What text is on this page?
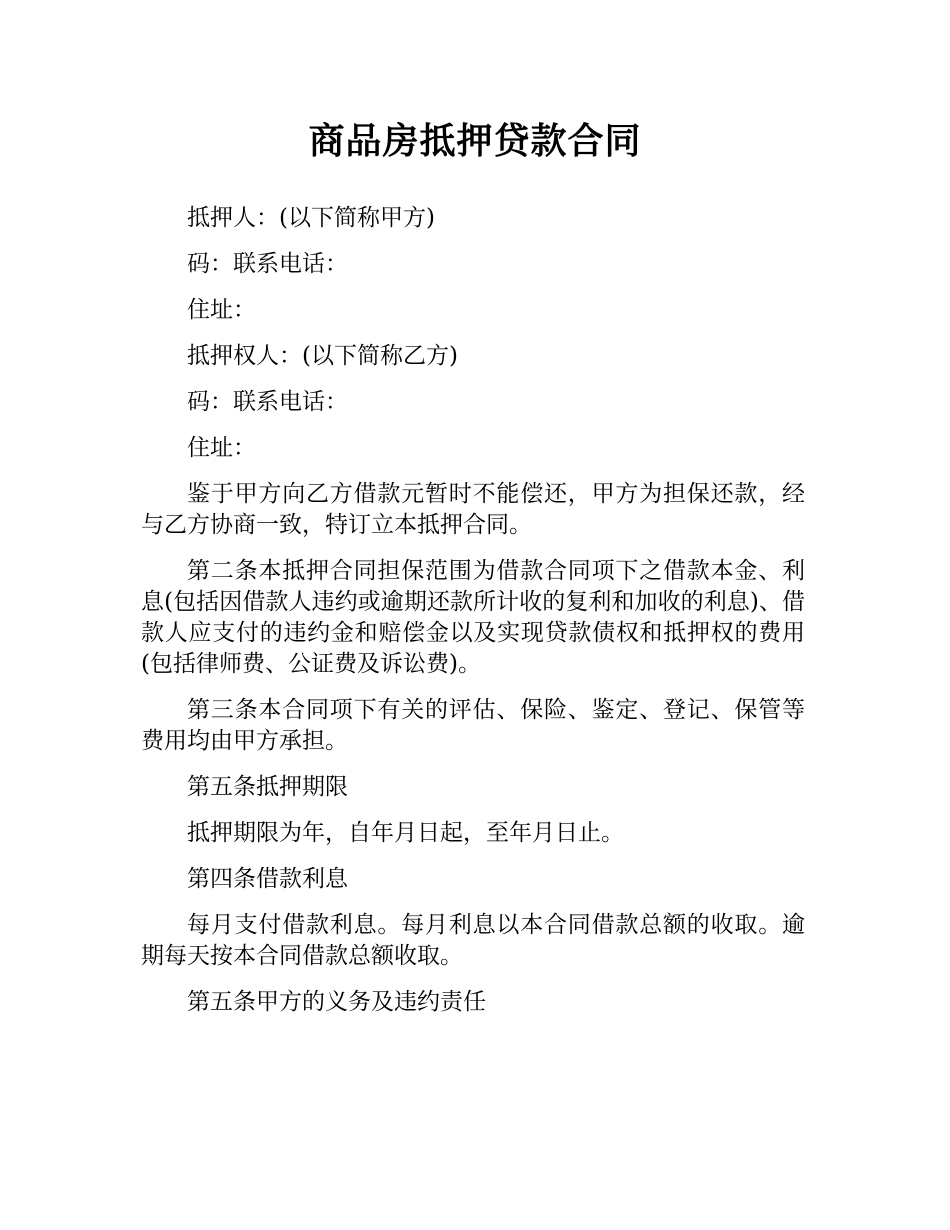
商品房抵押贷款合同

抵押人：(以下简称甲方)

码：联系电话：

住址：

抵押权人：(以下简称乙方)

码：联系电话：

住址：

鉴于甲方向乙方借款元暂时不能偿还，甲方为担保还款，经与乙方协商一致，特订立本抵押合同。

第二条本抵押合同担保范围为借款合同项下之借款本金、利息(包括因借款人违约或逾期还款所计收的复利和加收的利息)、借款人应支付的违约金和赔偿金以及实现贷款债权和抵押权的费用(包括律师费、公证费及诉讼费)。

第三条本合同项下有关的评估、保险、鉴定、登记、保管等费用均由甲方承担。

第五条抵押期限

抵押期限为年，自年月日起，至年月日止。

第四条借款利息

每月支付借款利息。每月利息以本合同借款总额的收取。逾期每天按本合同借款总额收取。

第五条甲方的义务及违约责任
